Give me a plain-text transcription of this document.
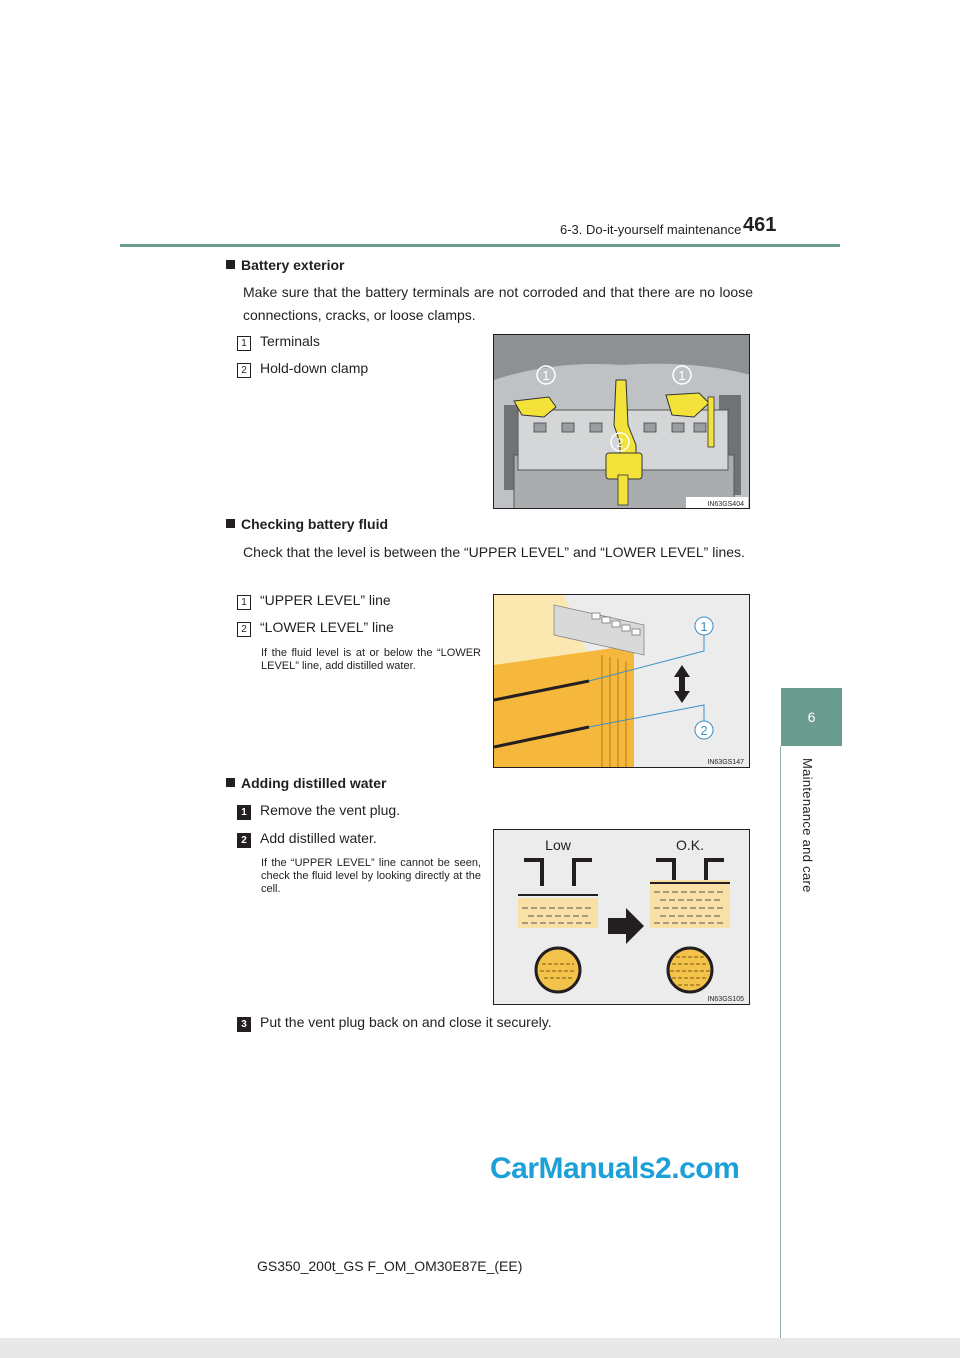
6-3. Do-it-yourself maintenance 461
6
Maintenance and care
Battery exterior
Make sure that the battery terminals are not corroded and that there are no loose connections, cracks, or loose clamps.
1 Terminals
2 Hold-down clamp	1	1
2
IN63GS404
Checking battery fluid
Check that the level is between the “UPPER LEVEL” and “LOWER LEVEL” lines.
1 “UPPER LEVEL” line
2 “LOWER LEVEL” line
If the fluid level is at or below the “LOWER LEVEL” line, add distilled water.
1
2
IN63GS147
Adding distilled water
1 Remove the vent plug.
2 Add distilled water.
If the “UPPER LEVEL” line cannot be seen, check the fluid level by looking directly at the cell.
Low	O.K.
IN63GS105
3 Put the vent plug back on and close it securely.
CarManuals2.com
GS350_200t_GS F_OM_OM30E87E_(EE)
